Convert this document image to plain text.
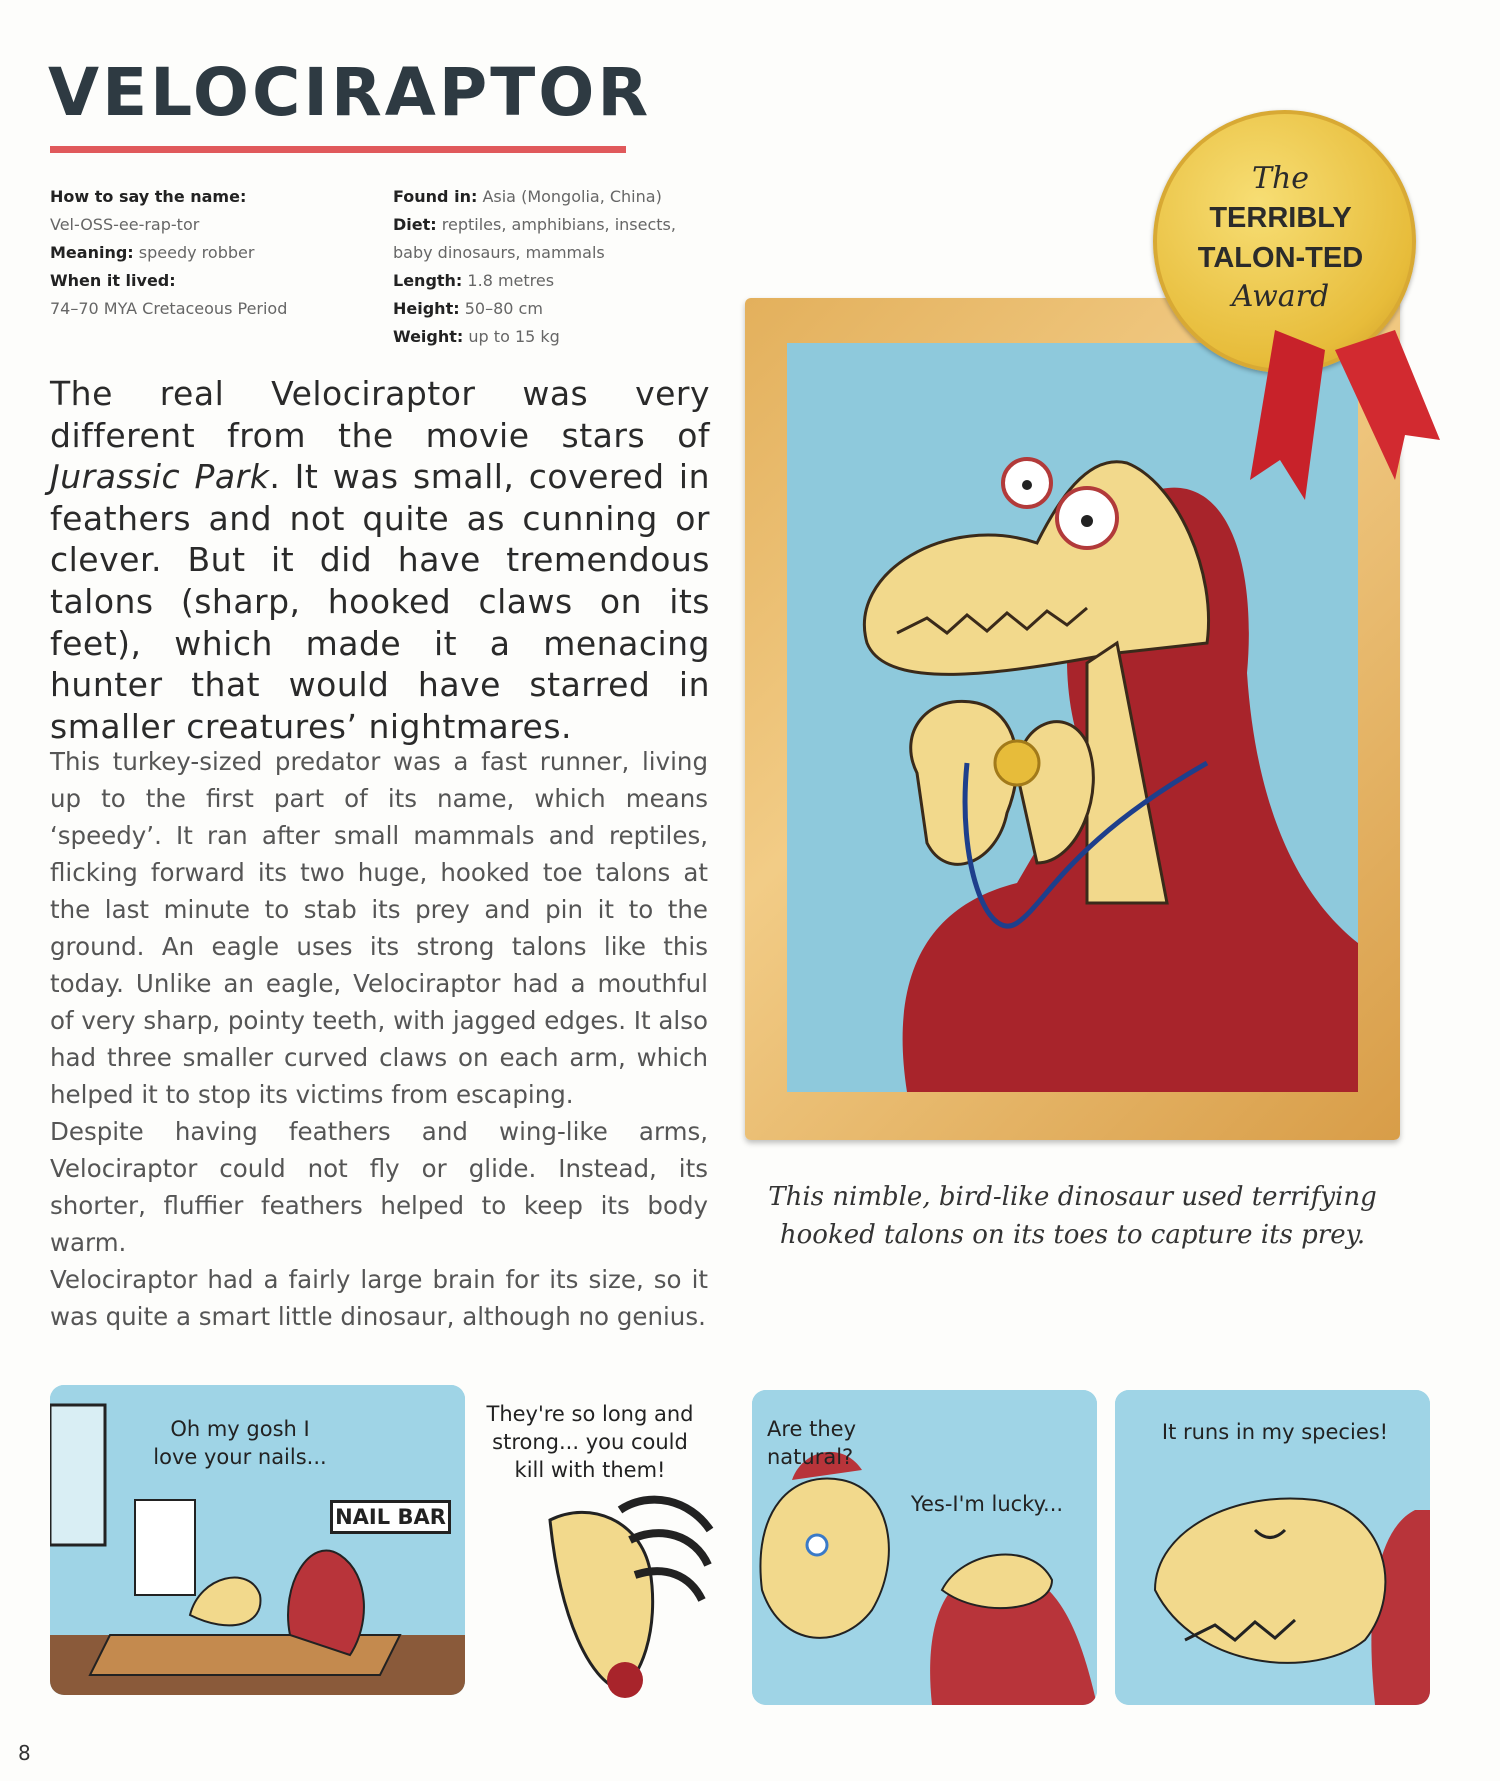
VELOCIRAPTOR
How to say the name:
Vel-OSS-ee-rap-tor
Meaning: speedy robber
When it lived:
74–70 MYA Cretaceous Period
Found in: Asia (Mongolia, China)
Diet: reptiles, amphibians, insects, baby dinosaurs, mammals
Length: 1.8 metres
Height: 50–80 cm
Weight: up to 15 kg
The real Velociraptor was very different from the movie stars of Jurassic Park. It was small, covered in feathers and not quite as cunning or clever. But it did have tremendous talons (sharp, hooked claws on its feet), which made it a menacing hunter that would have starred in smaller creatures’ nightmares.
This turkey-sized predator was a fast runner, living up to the first part of its name, which means ‘speedy’. It ran after small mammals and reptiles, flicking forward its two huge, hooked toe talons at the last minute to stab its prey and pin it to the ground. An eagle uses its strong talons like this today. Unlike an eagle, Velociraptor had a mouthful of very sharp, pointy teeth, with jagged edges. It also had three smaller curved claws on each arm, which helped it to stop its victims from escaping.
Despite having feathers and wing-like arms, Velociraptor could not fly or glide. Instead, its shorter, fluffier feathers helped to keep its body warm.
Velociraptor had a fairly large brain for its size, so it was quite a smart little dinosaur, although no genius.
The
TERRIBLY
TALON-TED
Award
This nimble, bird-like dinosaur used terrifying hooked talons on its toes to capture its prey.
Oh my gosh I love your nails...
NAIL BAR
They're so long and strong... you could kill with them!
Are they natural?
Yes-I'm lucky...
It runs in my species!
8
